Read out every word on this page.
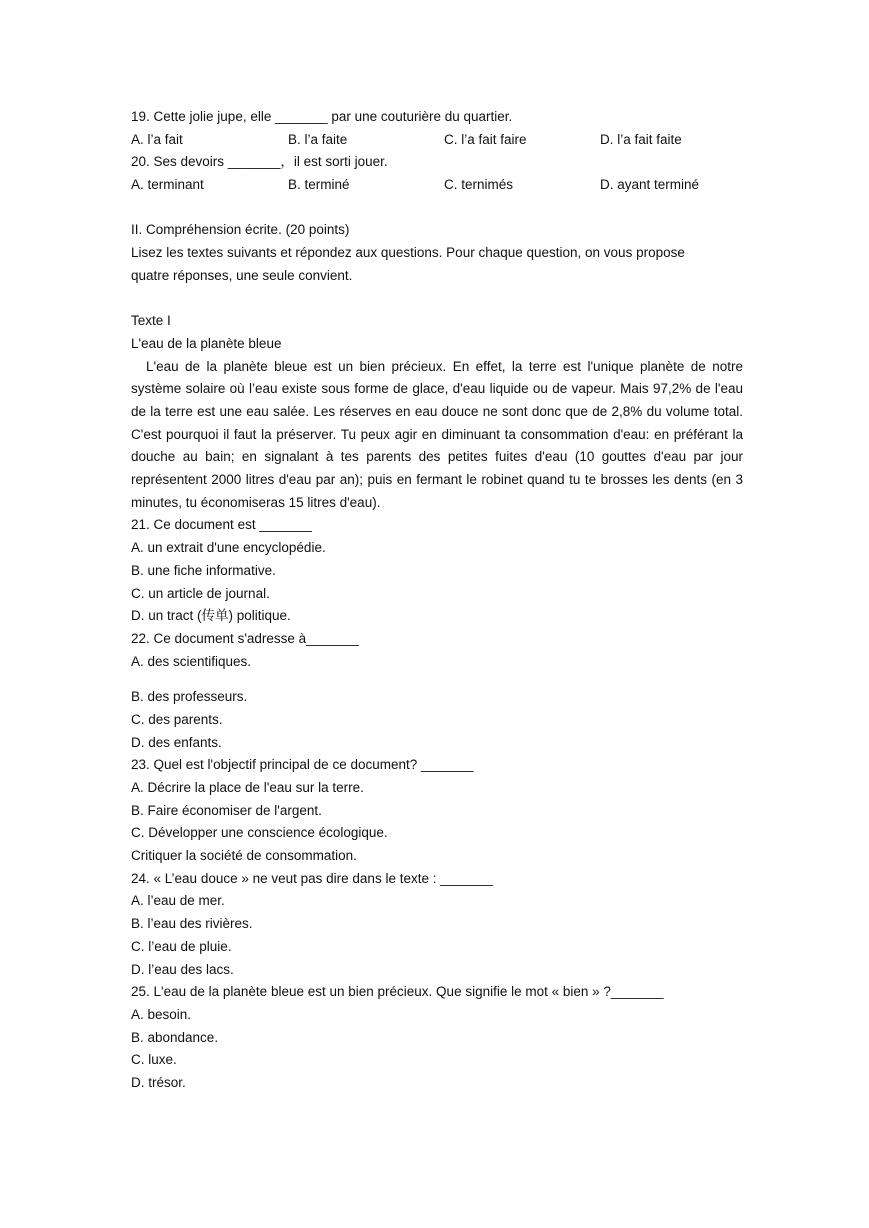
19. Cette jolie jupe, elle _______ par une couturière du quartier.
A. l’a fait	B. l’a faite	C. l’a fait faire	D. l’a fait faite
20. Ses devoirs _______，il est sorti jouer.
A. terminant	B. terminé	C. ternimés	D. ayant terminé
II. Compréhension écrite. (20 points)
Lisez les textes suivants et répondez aux questions. Pour chaque question, on vous propose
quatre réponses, une seule convient.
Texte I
L'eau de la planète bleue
L'eau de la planète bleue est un bien précieux. En effet, la terre est l'unique planète de notre système solaire où l’eau existe sous forme de glace, d'eau liquide ou de vapeur. Mais 97,2% de l'eau de la terre est une eau salée. Les réserves en eau douce ne sont donc que de 2,8% du volume total. C'est pourquoi il faut la préserver. Tu peux agir en diminuant ta consommation d'eau: en préférant la douche au bain; en signalant à tes parents des petites fuites d'eau (10 gouttes d'eau par jour représentent 2000 litres d'eau par an); puis en fermant le robinet quand tu te brosses les dents (en 3 minutes, tu économiseras 15 litres d'eau).
21. Ce document est _______
A. un extrait d'une encyclopédie.
B. une fiche informative.
C. un article de journal.
D. un tract (传单) politique.
22. Ce document s'adresse à_______
A. des scientifiques.
B. des professeurs.
C. des parents.
D. des enfants.
23. Quel est l'objectif principal de ce document? _______
A. Décrire la place de l'eau sur la terre.
B. Faire économiser de l'argent.
C. Développer une conscience écologique.
Critiquer la société de consommation.
24. « L’eau douce » ne veut pas dire dans le texte : _______
A. l’eau de mer.
B. l’eau des rivières.
C. l’eau de pluie.
D. l’eau des lacs.
25. L'eau de la planète bleue est un bien précieux. Que signifie le mot « bien » ?_______
A. besoin.
B. abondance.
C. luxe.
D. trésor.
